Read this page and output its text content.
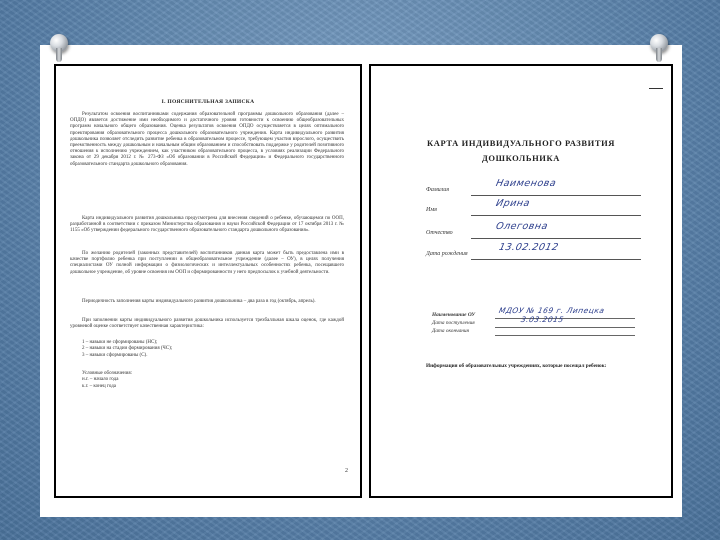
I. ПОЯСНИТЕЛЬНАЯ ЗАПИСКА
Результатом освоения воспитанниками содержания образовательной программы дошкольного образования (далее – ОПДО) является достижение ими необходимого и достаточного уровня готовности к освоению общеобразовательных программ начального общего образования. Оценка результатов освоения ОПДО осуществляется в целях оптимального проектирования образовательного процесса дошкольного образовательного учреждения. Карта индивидуального развития дошкольника позволяет отследить развитие ребенка в образовательном процессе, требующем участия взрослого, осуществить преемственность между дошкольным и начальным общим образованием и способствовать поддержке у родителей позитивного отношения к исполнению учреждением, как участником образовательного процесса, в условиях реализации Федерального закона от 29 декабря 2012 г. № 273-ФЗ «Об образовании в Российской Федерации» и Федерального государственного образовательного стандарта дошкольного образования.
Карта индивидуального развития дошкольника предусмотрена для внесения сведений о ребенке, обучающемся по ООП, разработанной в соответствии с приказом Министерства образования и науки Российской Федерации от 17 октября 2013 г. № 1155 «Об утверждении федерального государственного образовательного стандарта дошкольного образования».
По желанию родителей (законных представителей) воспитанников данная карта может быть предоставлена ими в качестве портфолио ребенка при поступлении в общеобразовательное учреждение (далее – ОУ), в целях получения специалистами ОУ полной информации о физиологических и интеллектуальных особенностях ребенка, посещавшего дошкольное учреждение, об уровне освоения им ООП и сформированности у него предпосылок к учебной деятельности.
Периодичность заполнения карты индивидуального развития дошкольника – два раза в год (октябрь, апрель).
При заполнении карты индивидуального развития дошкольника используется трехбалльная шкала оценок, где каждой уровневой оценке соответствует качественная характеристика:
1 – навыки не сформированы (НС);
2 – навыки на стадии формирования (ЧС);
3 – навыки сформированы (С).
Условные обозначения:
н.г. – начало года
к.г. – конец года
2
КАРТА ИНДИВИДУАЛЬНОГО РАЗВИТИЯ
ДОШКОЛЬНИКА
Фамилия
Наименова
Имя
Ирина
Отчество
Олеговна
Дата рождения
13.02.2012
Информация об образовательных учреждениях, которые посещал ребенок:
Наименование ОУ	МДОУ № 169 г. Липецка
Дата поступления	3.03.2015
Дата окончания
